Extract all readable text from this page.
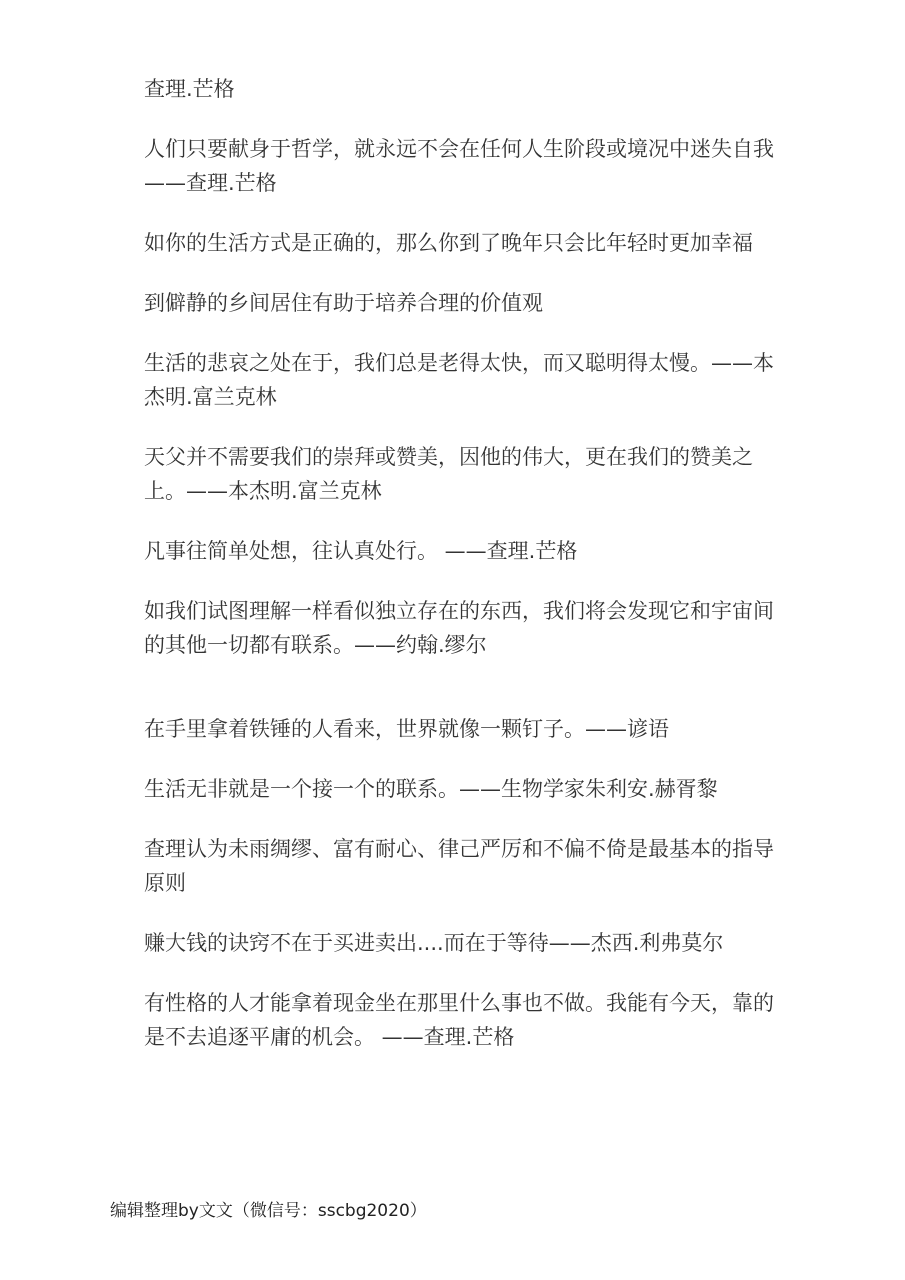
查理.芒格

人们只要献身于哲学，就永远不会在任何人生阶段或境况中迷失自我 ——查理.芒格

如你的生活方式是正确的，那么你到了晚年只会比年轻时更加幸福

到僻静的乡间居住有助于培养合理的价值观

生活的悲哀之处在于，我们总是老得太快，而又聪明得太慢。——本杰明.富兰克林

天父并不需要我们的崇拜或赞美，因他的伟大，更在我们的赞美之上。——本杰明.富兰克林

凡事往简单处想，往认真处行。 ——查理.芒格

如我们试图理解一样看似独立存在的东西，我们将会发现它和宇宙间的其他一切都有联系。——约翰.缪尔

在手里拿着铁锤的人看来，世界就像一颗钉子。——谚语

生活无非就是一个接一个的联系。——生物学家朱利安.赫胥黎

查理认为未雨绸缪、富有耐心、律己严厉和不偏不倚是最基本的指导原则

赚大钱的诀窍不在于买进卖出....而在于等待——杰西.利弗莫尔

有性格的人才能拿着现金坐在那里什么事也不做。我能有今天，靠的是不去追逐平庸的机会。 ——查理.芒格

编辑整理by文文（微信号：sscbg2020）
